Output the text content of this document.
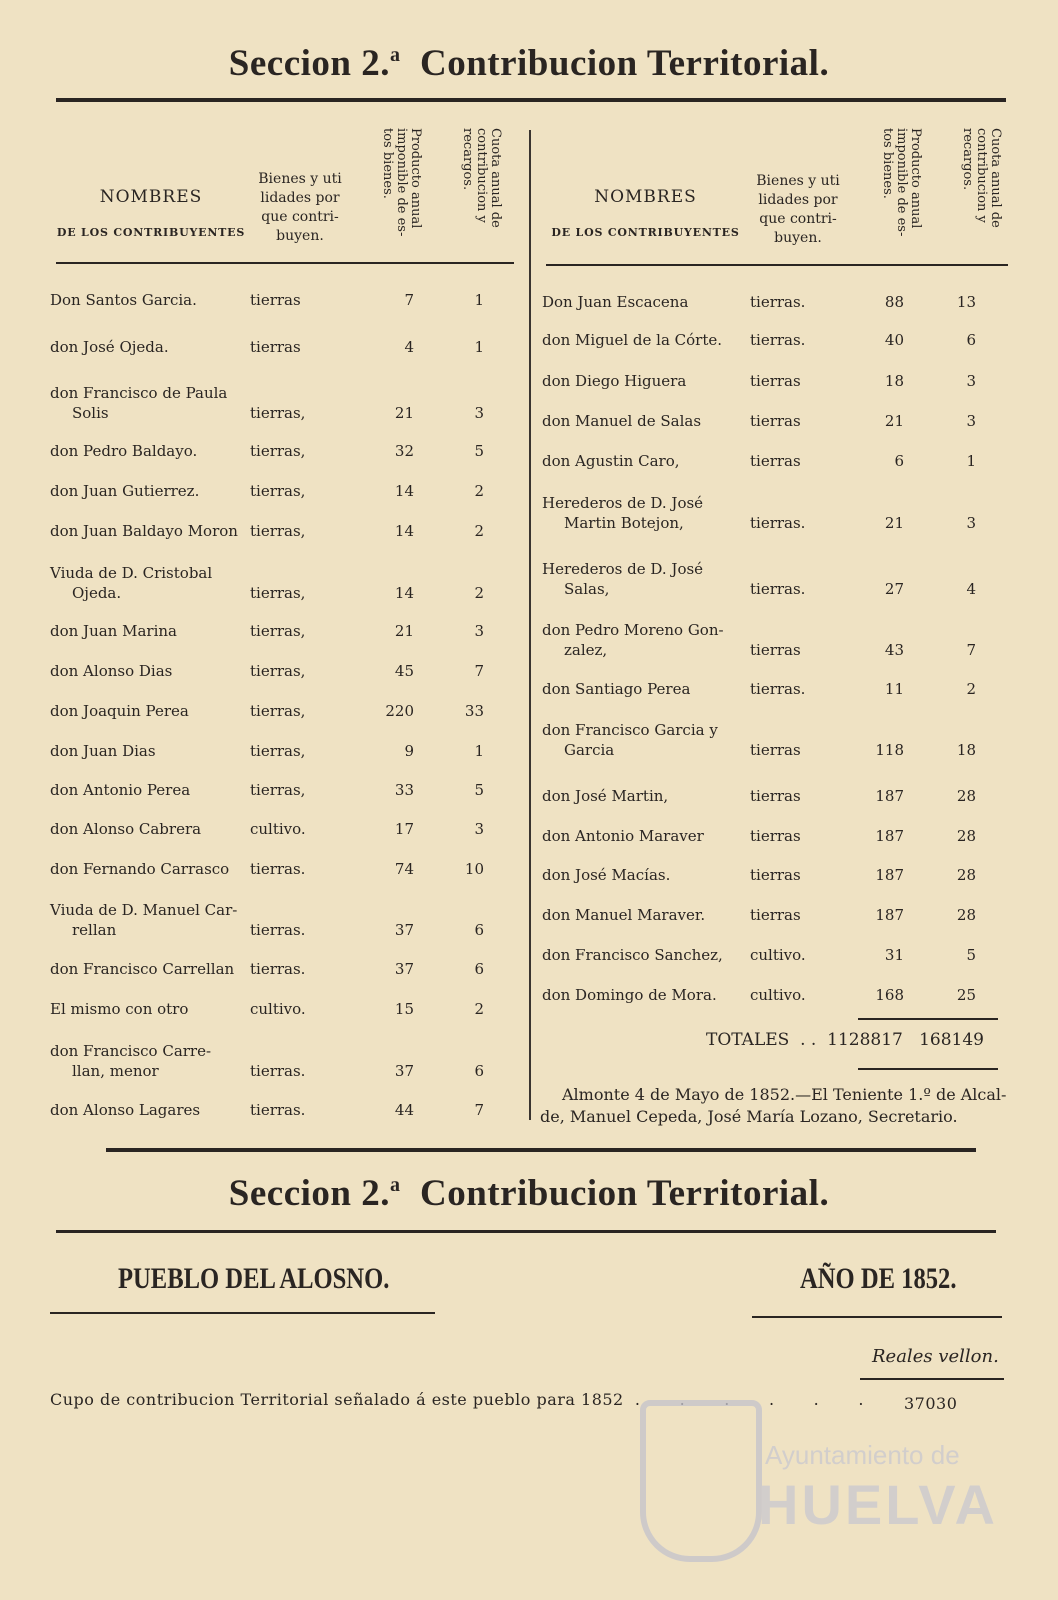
Seccion 2.$^a$ Contribucion Territorial.
NOMBRES
DE LOS CONTRIBUYENTES
Bienes y uti lidades por que contri- buyen.
Producto anual imponible de es- tos bienes.	Cuota anual de contribucion y recargos.
NOMBRES
DE LOS CONTRIBUYENTES
Bienes y uti lidades por que contri- buyen.
Producto anual imponible de es- tos bienes.	Cuota anual de contribucion y recargos.
Don Santos Garcia.	tierras	7	1
don José Ojeda.	tierras	4	1
don Francisco de Paula
Solis	tierras,	21	3
don Pedro Baldayo.	tierras,	32	5
don Juan Gutierrez.	tierras,	14	2
don Juan Baldayo Moron tierras,	14	2
Viuda de D. Cristobal
Ojeda.	tierras,	14	2
don Juan Marina	tierras,	21	3
don Alonso Dias	tierras,	45	7
don Joaquin Perea	tierras,	220	33
don Juan Dias	tierras,	9	1
don Antonio Perea	tierras,	33	5
don Alonso Cabrera	cultivo.	17	3
don Fernando Carrasco tierras.	74	10
Viuda de D. Manuel Car-
rellan	tierras.	37	6
don Francisco Carrellan tierras.	37	6
El mismo con otro	cultivo.	15	2
don Francisco Carre-
llan, menor	tierras.	37	6
don Alonso Lagares	tierras.	44	7
Don Juan Escacena	tierras.	88	13
don Miguel de la Córte. tierras.	40	6
don Diego Higuera	tierras	18	3
don Manuel de Salas	tierras	21	3
don Agustin Caro,	tierras	6	1
Herederos de D. José
Martin Botejon,	tierras.	21	3
Herederos de D. José
Salas,	tierras.	27	4
don Pedro Moreno Gon-
zalez,	tierras	43	7
don Santiago Perea	tierras.	11	2
don Francisco Garcia y
Garcia	tierras	118	18
don José Martin,	tierras	187	28
don Antonio Maraver	tierras	187	28
don José Macías.	tierras	187	28
don Manuel Maraver.	tierras	187	28
don Francisco Sanchez, cultivo.	31	5
don Domingo de Mora. cultivo.	168	25
TOTALES  . .  1128817 168149
Almonte 4 de Mayo de 1852.—El Teniente 1.º de Alcal-
de, Manuel Cepeda, José María Lozano, Secretario.
Seccion 2.$^a$ Contribucion Territorial.
PUEBLO DEL ALOSNO.	AÑO DE 1852.
Reales vellon.
Cupo de contribucion Territorial señalado á este pueblo para 1852  .       .       .       .       .       .	37030
Ayuntamiento de
HUELVA
